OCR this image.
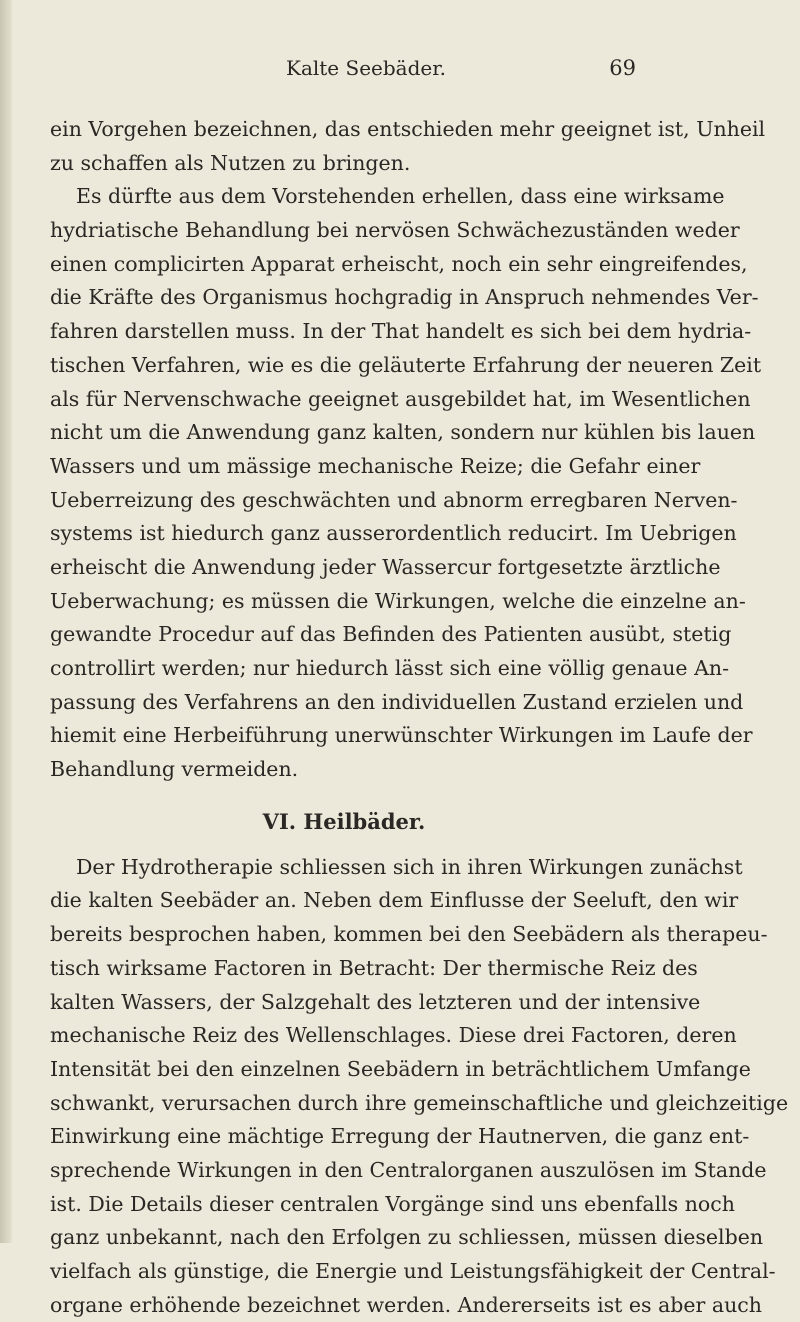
Kalte Seebäder.	69
ein Vorgehen bezeichnen, das entschieden mehr geeignet ist, Unheil
zu schaffen als Nutzen zu bringen.
Es dürfte aus dem Vorstehenden erhellen, dass eine wirksame
hydriatische Behandlung bei nervösen Schwächezuständen weder
einen complicirten Apparat erheischt, noch ein sehr eingreifendes,
die Kräfte des Organismus hochgradig in Anspruch nehmendes Ver-
fahren darstellen muss. In der That handelt es sich bei dem hydria-
tischen Verfahren, wie es die geläuterte Erfahrung der neueren Zeit
als für Nervenschwache geeignet ausgebildet hat, im Wesentlichen
nicht um die Anwendung ganz kalten, sondern nur kühlen bis lauen
Wassers und um mässige mechanische Reize; die Gefahr einer
Ueberreizung des geschwächten und abnorm erregbaren Nerven-
systems ist hiedurch ganz ausserordentlich reducirt. Im Uebrigen
erheischt die Anwendung jeder Wassercur fortgesetzte ärztliche
Ueberwachung; es müssen die Wirkungen, welche die einzelne an-
gewandte Procedur auf das Befinden des Patienten ausübt, stetig
controllirt werden; nur hiedurch lässt sich eine völlig genaue An-
passung des Verfahrens an den individuellen Zustand erzielen und
hiemit eine Herbeiführung unerwünschter Wirkungen im Laufe der
Behandlung vermeiden.
VI. Heilbäder.
Der Hydrotherapie schliessen sich in ihren Wirkungen zunächst
die kalten Seebäder an. Neben dem Einflusse der Seeluft, den wir
bereits besprochen haben, kommen bei den Seebädern als therapeu-
tisch wirksame Factoren in Betracht: Der thermische Reiz des
kalten Wassers, der Salzgehalt des letzteren und der intensive
mechanische Reiz des Wellenschlages. Diese drei Factoren, deren
Intensität bei den einzelnen Seebädern in beträchtlichem Umfange
schwankt, verursachen durch ihre gemeinschaftliche und gleichzeitige
Einwirkung eine mächtige Erregung der Hautnerven, die ganz ent-
sprechende Wirkungen in den Centralorganen auszulösen im Stande
ist. Die Details dieser centralen Vorgänge sind uns ebenfalls noch
ganz unbekannt, nach den Erfolgen zu schliessen, müssen dieselben
vielfach als günstige, die Energie und Leistungsfähigkeit der Central-
organe erhöhende bezeichnet werden. Andererseits ist es aber auch
